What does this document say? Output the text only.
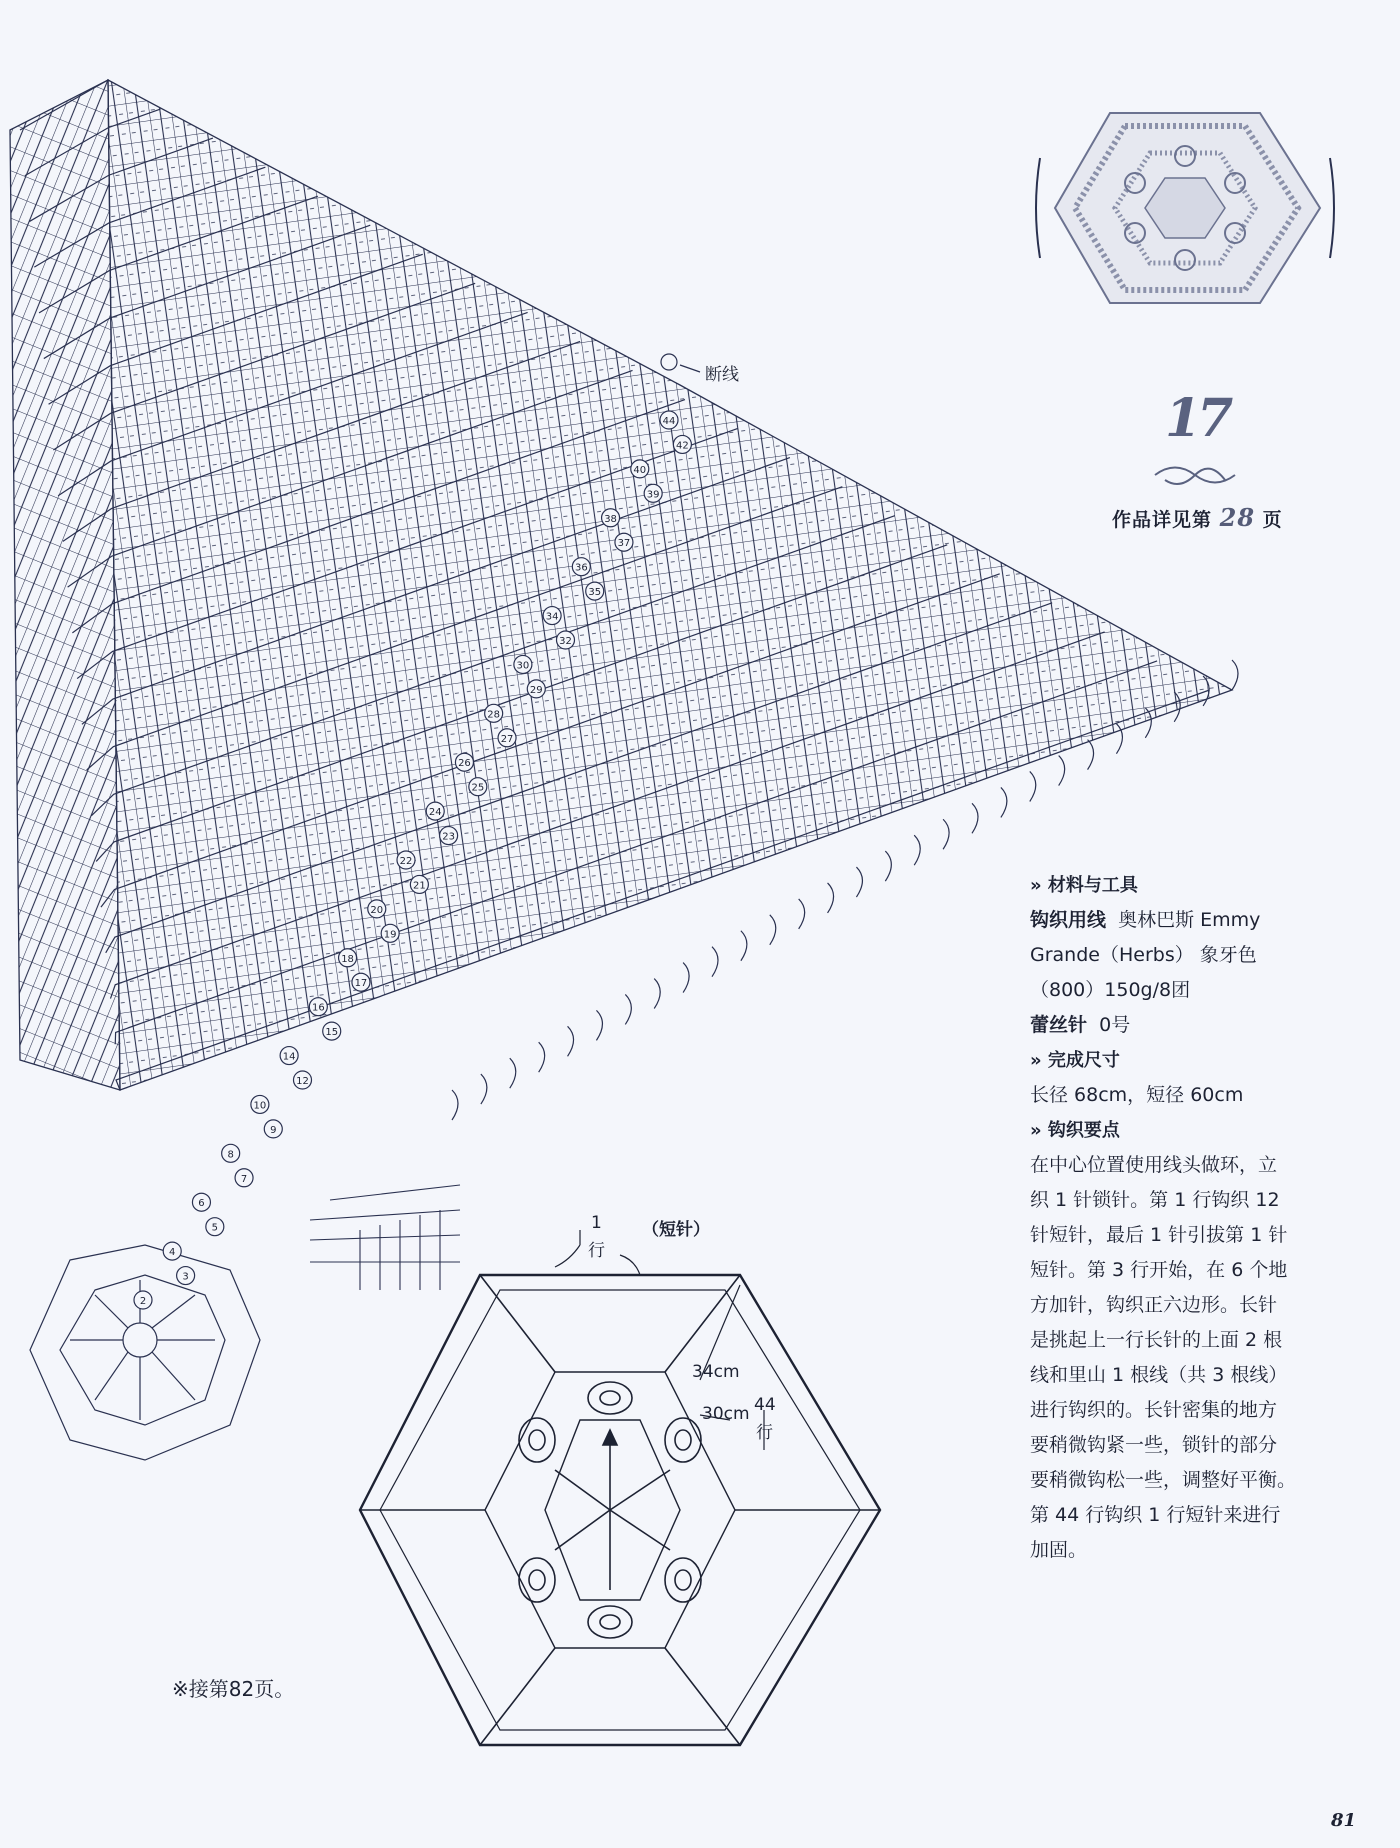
2
3
4
5
6
7
8
9
10
12
14
15
16
17
18
19
20
21
22
23
24
25
26
27
28
29
30
32
34
35
36
37
38
39
40
42
44	17
作品详见第 28 页
断线
1
行
（短针）
34cm
30cm 44
行
» 材料与工具
钩织用线 奥林巴斯 Emmy
Grande（Herbs） 象牙色
（800）150g/8团
蕾丝针 0号
» 完成尺寸
长径 68cm，短径 60cm
» 钩织要点
在中心位置使用线头做环，立
织 1 针锁针。第 1 行钩织 12
针短针，最后 1 针引拔第 1 针
短针。第 3 行开始，在 6 个地
方加针，钩织正六边形。长针
是挑起上一行长针的上面 2 根
线和里山 1 根线（共 3 根线）
进行钩织的。长针密集的地方
要稍微钩紧一些，锁针的部分
要稍微钩松一些，调整好平衡。
第 44 行钩织 1 行短针来进行
加固。
※接第82页。
81
